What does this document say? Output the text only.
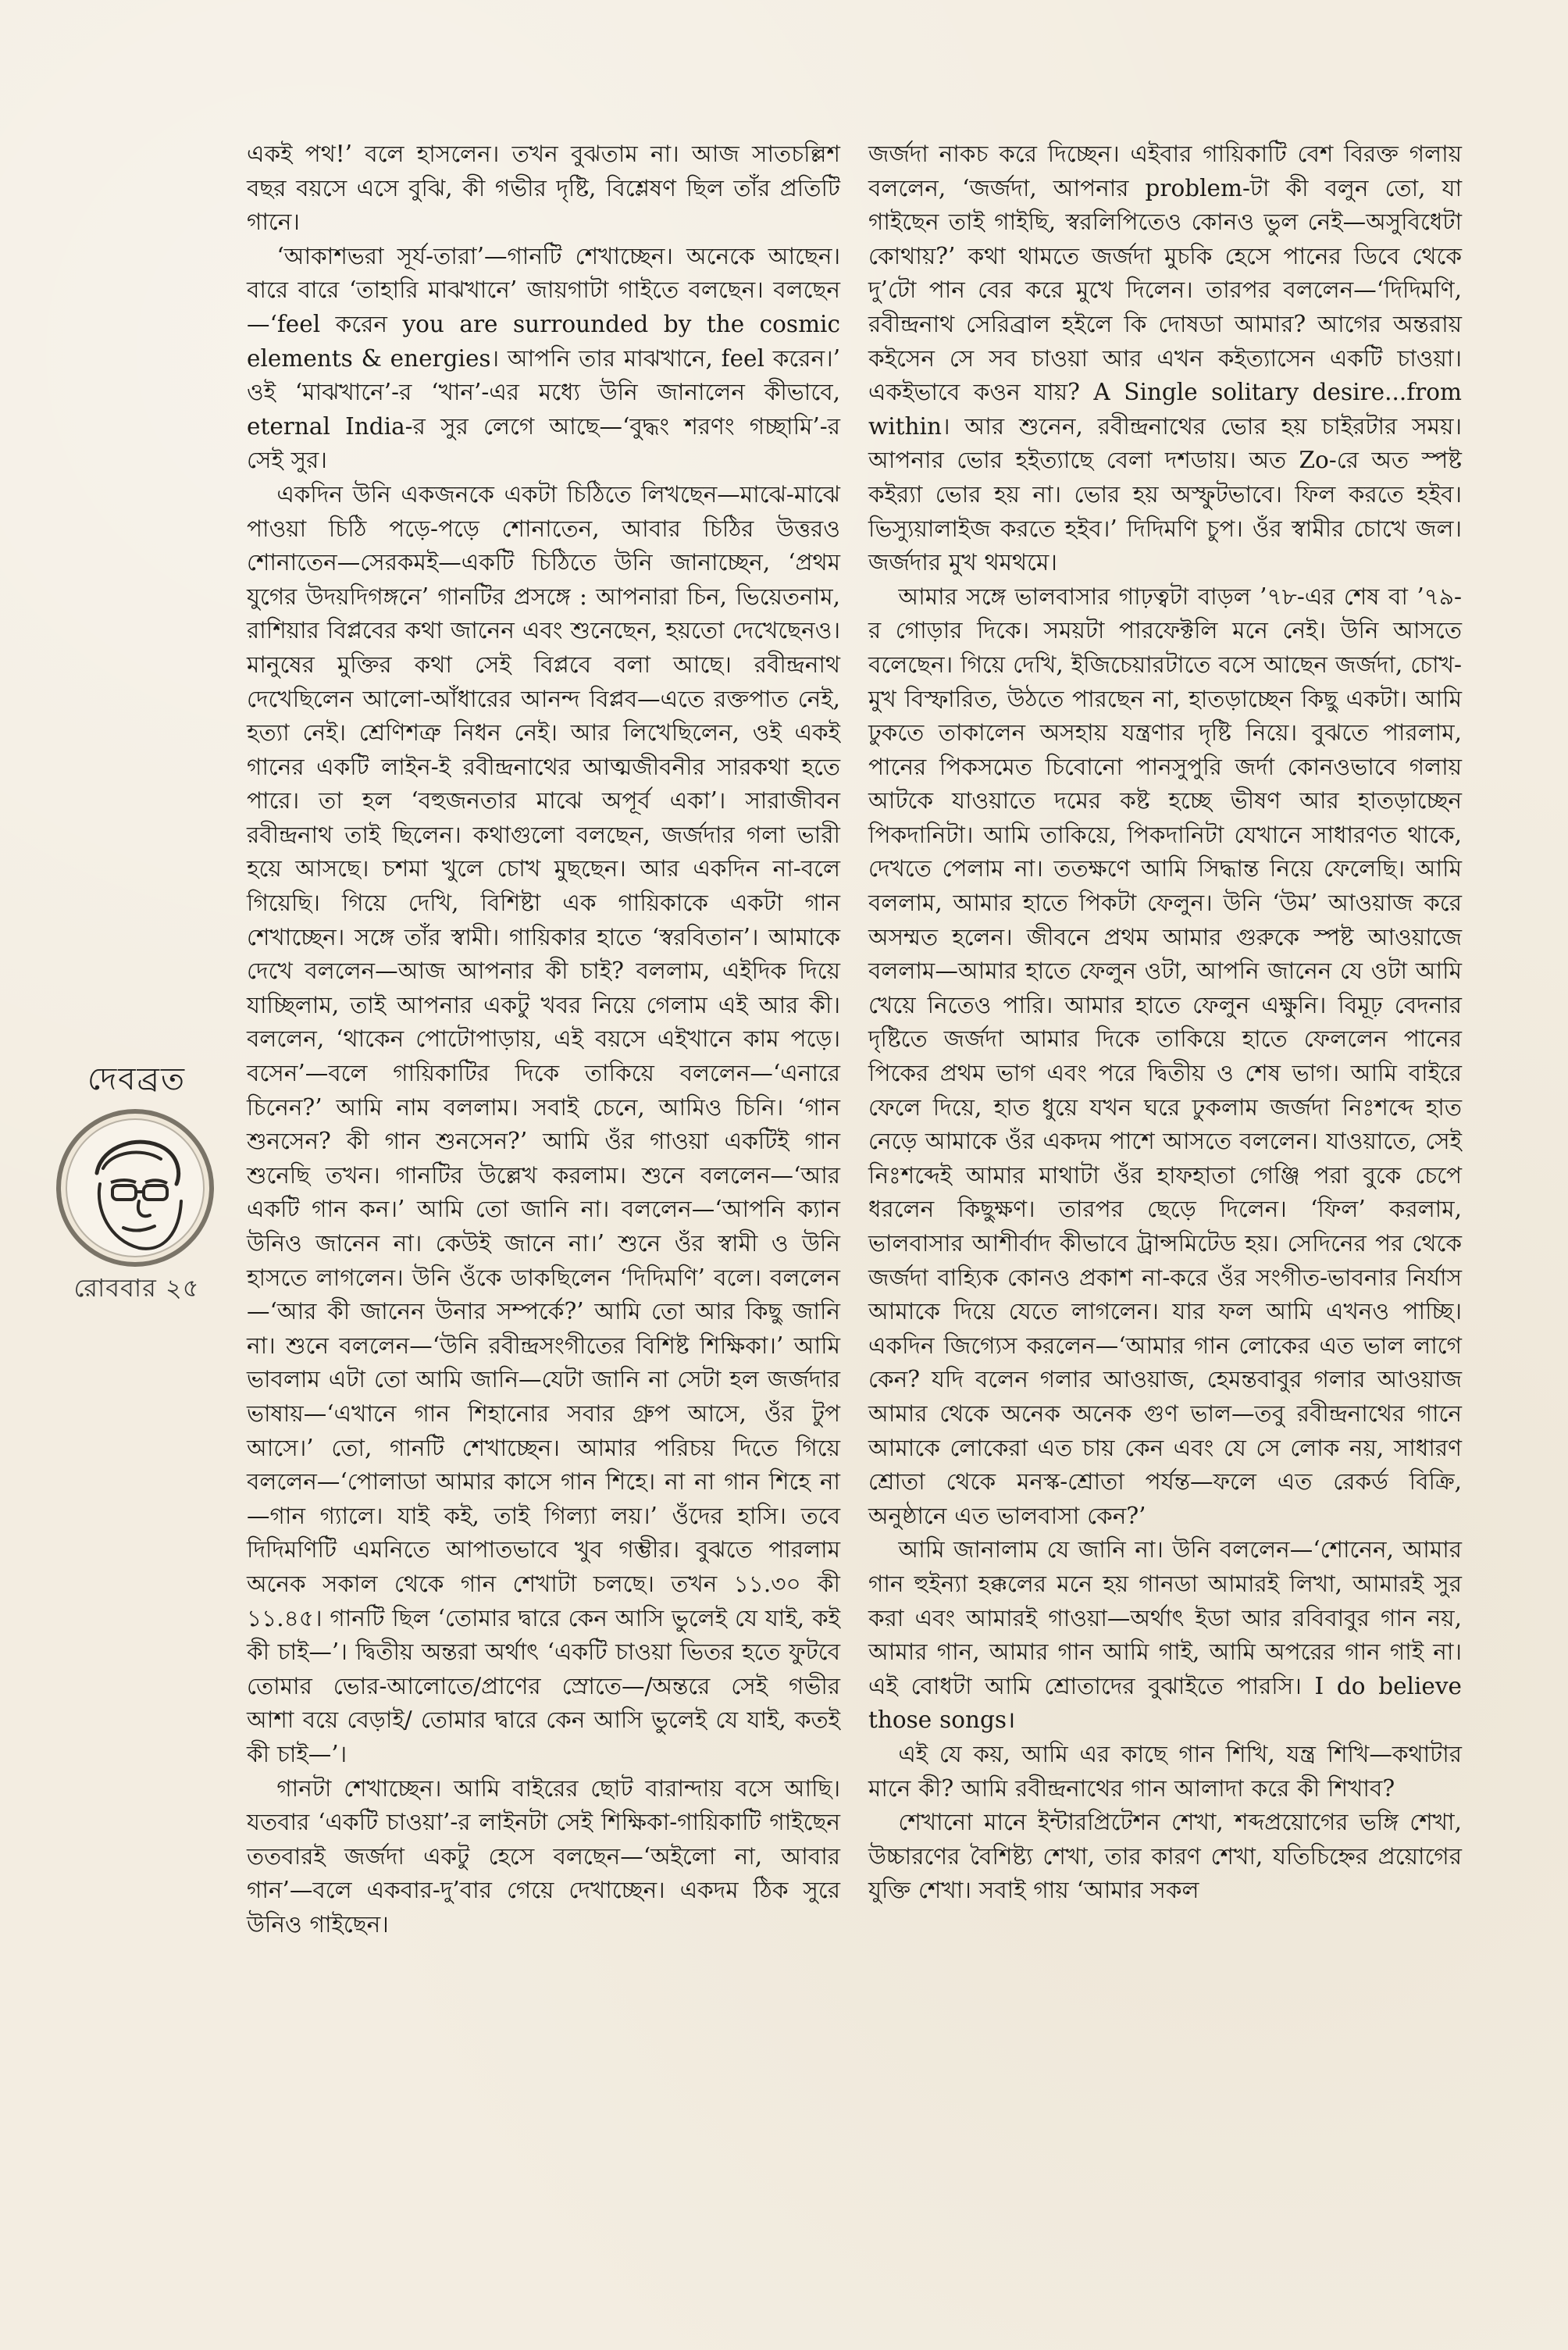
দেবব্রত
রোববার ২৫

একই পথ!’ বলে হাসলেন। তখন বুঝতাম না। আজ সাতচল্লিশ বছর বয়সে এসে বুঝি, কী গভীর দৃষ্টি, বিশ্লেষণ ছিল তাঁর প্রতিটি গানে।

‘আকাশভরা সূর্য-তারা’—গানটি শেখাচ্ছেন। অনেকে আছেন। বারে বারে ‘তাহারি মাঝখানে’ জায়গাটা গাইতে বলছেন। বলছেন—‘feel করেন you are surrounded by the cosmic elements & energies। আপনি তার মাঝখানে, feel করেন।’ ওই ‘মাঝখানে’-র ‘খান’-এর মধ্যে উনি জানালেন কীভাবে, eternal India-র সুর লেগে আছে—‘বুদ্ধং শরণং গচ্ছামি’-র সেই সুর।

একদিন উনি একজনকে একটা চিঠিতে লিখছেন—মাঝে-মাঝে পাওয়া চিঠি পড়ে-পড়ে শোনাতেন, আবার চিঠির উত্তরও শোনাতেন—সেরকমই—একটি চিঠিতে উনি জানাচ্ছেন, ‘প্রথম যুগের উদয়দিগঙ্গনে’ গানটির প্রসঙ্গে : আপনারা চিন, ভিয়েতনাম, রাশিয়ার বিপ্লবের কথা জানেন এবং শুনেছেন, হয়তো দেখেছেনও। মানুষের মুক্তির কথা সেই বিপ্লবে বলা আছে। রবীন্দ্রনাথ দেখেছিলেন আলো-আঁধারের আনন্দ বিপ্লব—এতে রক্তপাত নেই, হত্যা নেই। শ্রেণিশত্রু নিধন নেই। আর লিখেছিলেন, ওই একই গানের একটি লাইন-ই রবীন্দ্রনাথের আত্মজীবনীর সারকথা হতে পারে। তা হল ‘বহুজনতার মাঝে অপূর্ব একা’। সারাজীবন রবীন্দ্রনাথ তাই ছিলেন। কথাগুলো বলছেন, জর্জদার গলা ভারী হয়ে আসছে। চশমা খুলে চোখ মুছছেন। আর একদিন না-বলে গিয়েছি। গিয়ে দেখি, বিশিষ্টা এক গায়িকাকে একটা গান শেখাচ্ছেন। সঙ্গে তাঁর স্বামী। গায়িকার হাতে ‘স্বরবিতান’। আমাকে দেখে বললেন—আজ আপনার কী চাই? বললাম, এইদিক দিয়ে যাচ্ছিলাম, তাই আপনার একটু খবর নিয়ে গেলাম এই আর কী। বললেন, ‘থাকেন পোটোপাড়ায়, এই বয়সে এইখানে কাম পড়ে। বসেন’—বলে গায়িকাটির দিকে তাকিয়ে বললেন—‘এনারে চিনেন?’ আমি নাম বললাম। সবাই চেনে, আমিও চিনি। ‘গান শুনসেন? কী গান শুনসেন?’ আমি ওঁর গাওয়া একটিই গান শুনেছি তখন। গানটির উল্লেখ করলাম। শুনে বললেন—‘আর একটি গান কন।’ আমি তো জানি না। বললেন—‘আপনি ক্যান উনিও জানেন না। কেউই জানে না।’ শুনে ওঁর স্বামী ও উনি হাসতে লাগলেন। উনি ওঁকে ডাকছিলেন ‘দিদিমণি’ বলে। বললেন—‘আর কী জানেন উনার সম্পর্কে?’ আমি তো আর কিছু জানি না। শুনে বললেন—‘উনি রবীন্দ্রসংগীতের বিশিষ্ট শিক্ষিকা।’ আমি ভাবলাম এটা তো আমি জানি—যেটা জানি না সেটা হল জর্জদার ভাষায়—‘এখানে গান শিহানোর সবার গ্রুপ আসে, ওঁর টুপ আসে।’ তো, গানটি শেখাচ্ছেন। আমার পরিচয় দিতে গিয়ে বললেন—‘পোলাডা আমার কাসে গান শিহে। না না গান শিহে না—গান গ্যালে। যাই কই, তাই গিল্যা লয়।’ ওঁদের হাসি। তবে দিদিমণিটি এমনিতে আপাতভাবে খুব গম্ভীর। বুঝতে পারলাম অনেক সকাল থেকে গান শেখাটা চলছে। তখন ১১.৩০ কী ১১.৪৫। গানটি ছিল ‘তোমার দ্বারে কেন আসি ভুলেই যে যাই, কই কী চাই—’। দ্বিতীয় অন্তরা অর্থাৎ ‘একটি চাওয়া ভিতর হতে ফুটবে তোমার ভোর-আলোতে/প্রাণের স্রোতে—/অন্তরে সেই গভীর আশা বয়ে বেড়াই/ তোমার দ্বারে কেন আসি ভুলেই যে যাই, কতই কী চাই—’।

গানটা শেখাচ্ছেন। আমি বাইরের ছোট বারান্দায় বসে আছি। যতবার ‘একটি চাওয়া’-র লাইনটা সেই শিক্ষিকা-গায়িকাটি গাইছেন ততবারই জর্জদা একটু হেসে বলছেন—‘অইলো না, আবার গান’—বলে একবার-দু’বার গেয়ে দেখাচ্ছেন। একদম ঠিক সুরে উনিও গাইছেন।

জর্জদা নাকচ করে দিচ্ছেন। এইবার গায়িকাটি বেশ বিরক্ত গলায় বললেন, ‘জর্জদা, আপনার problem-টা কী বলুন তো, যা গাইছেন তাই গাইছি, স্বরলিপিতেও কোনও ভুল নেই—অসুবিধেটা কোথায়?’ কথা থামতে জর্জদা মুচকি হেসে পানের ডিবে থেকে দু’টো পান বের করে মুখে দিলেন। তারপর বললেন—‘দিদিমণি, রবীন্দ্রনাথ সেরিব্রাল হইলে কি দোষডা আমার? আগের অন্তরায় কইসেন সে সব চাওয়া আর এখন কইত্যাসেন একটি চাওয়া। একইভাবে কওন যায়? A Single solitary desire...from within। আর শুনেন, রবীন্দ্রনাথের ভোর হয় চাইরটার সময়। আপনার ভোর হইত্যাছে বেলা দশডায়। অত Zo-রে অত স্পষ্ট কইর‍্যা ভোর হয় না। ভোর হয় অস্ফুটভাবে। ফিল করতে হইব। ভিস্যুয়ালাইজ করতে হইব।’ দিদিমণি চুপ। ওঁর স্বামীর চোখে জল। জর্জদার মুখ থমথমে।

আমার সঙ্গে ভালবাসার গাঢ়ত্বটা বাড়ল ’৭৮-এর শেষ বা ’৭৯-র গোড়ার দিকে। সময়টা পারফেক্টলি মনে নেই। উনি আসতে বলেছেন। গিয়ে দেখি, ইজিচেয়ারটাতে বসে আছেন জর্জদা, চোখ-মুখ বিস্ফারিত, উঠতে পারছেন না, হাতড়াচ্ছেন কিছু একটা। আমি ঢুকতে তাকালেন অসহায় যন্ত্রণার দৃষ্টি নিয়ে। বুঝতে পারলাম, পানের পিকসমেত চিবোনো পানসুপুরি জর্দা কোনওভাবে গলায় আটকে যাওয়াতে দমের কষ্ট হচ্ছে ভীষণ আর হাতড়াচ্ছেন পিকদানিটা। আমি তাকিয়ে, পিকদানিটা যেখানে সাধারণত থাকে, দেখতে পেলাম না। ততক্ষণে আমি সিদ্ধান্ত নিয়ে ফেলেছি। আমি বললাম, আমার হাতে পিকটা ফেলুন। উনি ‘উম’ আওয়াজ করে অসম্মত হলেন। জীবনে প্রথম আমার গুরুকে স্পষ্ট আওয়াজে বললাম—আমার হাতে ফেলুন ওটা, আপনি জানেন যে ওটা আমি খেয়ে নিতেও পারি। আমার হাতে ফেলুন এক্ষুনি। বিমূঢ় বেদনার দৃষ্টিতে জর্জদা আমার দিকে তাকিয়ে হাতে ফেললেন পানের পিকের প্রথম ভাগ এবং পরে দ্বিতীয় ও শেষ ভাগ। আমি বাইরে ফেলে দিয়ে, হাত ধুয়ে যখন ঘরে ঢুকলাম জর্জদা নিঃশব্দে হাত নেড়ে আমাকে ওঁর একদম পাশে আসতে বললেন। যাওয়াতে, সেই নিঃশব্দেই আমার মাথাটা ওঁর হাফহাতা গেঞ্জি পরা বুকে চেপে ধরলেন কিছুক্ষণ। তারপর ছেড়ে দিলেন। ‘ফিল’ করলাম, ভালবাসার আশীর্বাদ কীভাবে ট্রান্সমিটেড হয়। সেদিনের পর থেকে জর্জদা বাহ্যিক কোনও প্রকাশ না-করে ওঁর সংগীত-ভাবনার নির্যাস আমাকে দিয়ে যেতে লাগলেন। যার ফল আমি এখনও পাচ্ছি। একদিন জিগ্যেস করলেন—‘আমার গান লোকের এত ভাল লাগে কেন? যদি বলেন গলার আওয়াজ, হেমন্তবাবুর গলার আওয়াজ আমার থেকে অনেক অনেক গুণ ভাল—তবু রবীন্দ্রনাথের গানে আমাকে লোকেরা এত চায় কেন এবং যে সে লোক নয়, সাধারণ শ্রোতা থেকে মনস্ক-শ্রোতা পর্যন্ত—ফলে এত রেকর্ড বিক্রি, অনুষ্ঠানে এত ভালবাসা কেন?’

আমি জানালাম যে জানি না। উনি বললেন—‘শোনেন, আমার গান হুইন্যা হক্কলের মনে হয় গানডা আমারই লিখা, আমারই সুর করা এবং আমারই গাওয়া—অর্থাৎ ইডা আর রবিবাবুর গান নয়, আমার গান, আমার গান আমি গাই, আমি অপরের গান গাই না। এই বোধটা আমি শ্রোতাদের বুঝাইতে পারসি। I do believe those songs।

এই যে কয়, আমি এর কাছে গান শিখি, যন্ত্র শিখি—কথাটার মানে কী? আমি রবীন্দ্রনাথের গান আলাদা করে কী শিখাব?

শেখানো মানে ইন্টারপ্রিটেশন শেখা, শব্দপ্রয়োগের ভঙ্গি শেখা, উচ্চারণের বৈশিষ্ট্য শেখা, তার কারণ শেখা, যতিচিহ্নের প্রয়োগের যুক্তি শেখা। সবাই গায় ‘আমার সকল
